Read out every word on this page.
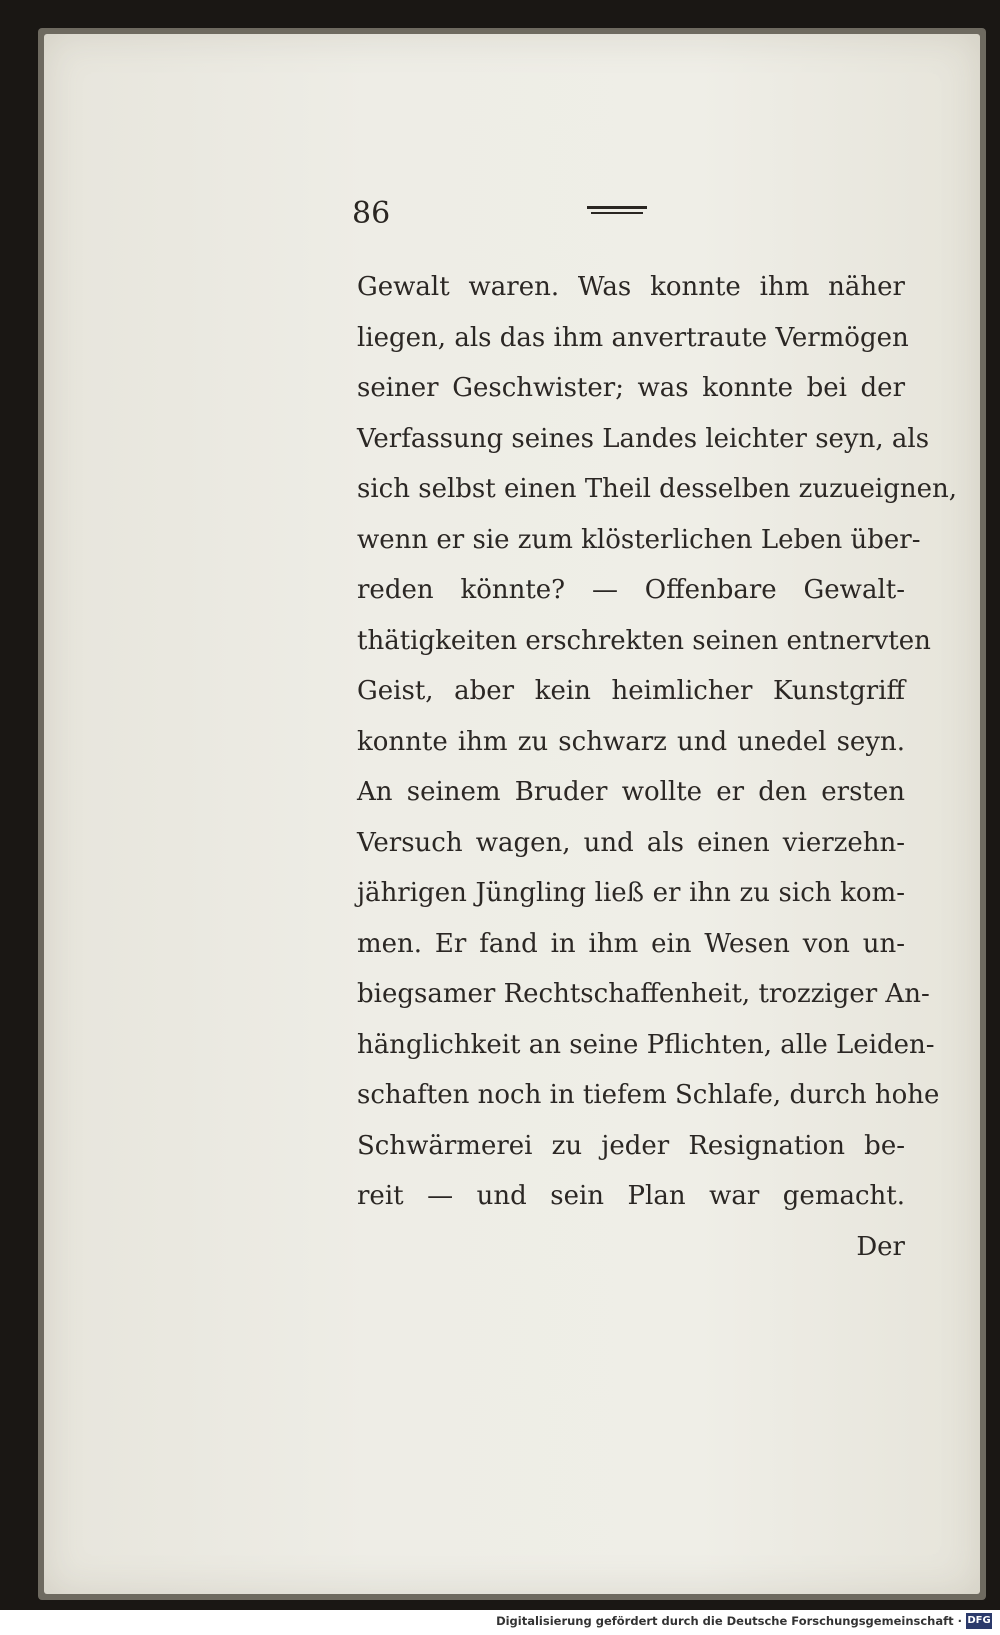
86
Gewalt waren. Was konnte ihm näher
liegen, als das ihm anvertraute Vermögen
seiner Geschwister; was konnte bei der
Verfassung seines Landes leichter seyn, als
sich selbst einen Theil desselben zuzueignen,
wenn er sie zum klösterlichen Leben über-
reden könnte? — Offenbare Gewalt-
thätigkeiten erschrekten seinen entnervten
Geist, aber kein heimlicher Kunstgriff
konnte ihm zu schwarz und unedel seyn.
An seinem Bruder wollte er den ersten
Versuch wagen, und als einen vierzehn-
jährigen Jüngling ließ er ihn zu sich kom-
men. Er fand in ihm ein Wesen von un-
biegsamer Rechtschaffenheit, trozziger An-
hänglichkeit an seine Pflichten, alle Leiden-
schaften noch in tiefem Schlafe, durch hohe
Schwärmerei zu jeder Resignation be-
reit — und sein Plan war gemacht.
Der
Digitalisierung gefördert durch die Deutsche Forschungsgemeinschaft · DFG
